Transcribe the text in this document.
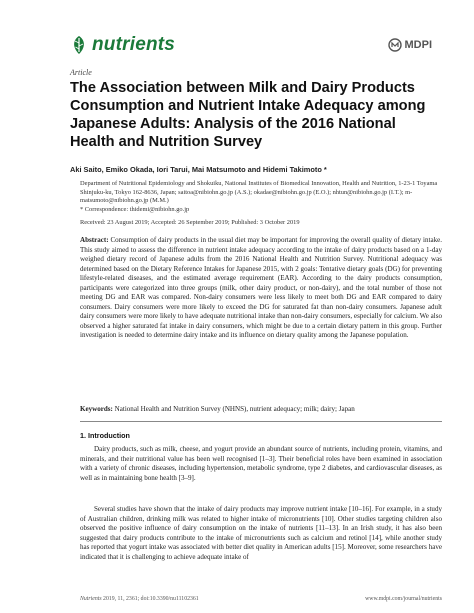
nutrients	MDPI
Article
The Association between Milk and Dairy Products Consumption and Nutrient Intake Adequacy among Japanese Adults: Analysis of the 2016 National Health and Nutrition Survey
Aki Saito, Emiko Okada, Iori Tarui, Mai Matsumoto and Hidemi Takimoto *
Department of Nutritional Epidemiology and Shokuiku, National Institutes of Biomedical Innovation, Health and Nutrition, 1-23-1 Toyama Shinjuku-ku, Tokyo 162-8636, Japan; saitoa@nibiohn.go.jp (A.S.); okadae@nibiohn.go.jp (E.O.); nhtun@nibiohn.go.jp (I.T.); m-matsumoto@nibiohn.go.jp (M.M.)
* Correspondence: thidemi@nibiohn.go.jp
Received: 23 August 2019; Accepted: 26 September 2019; Published: 3 October 2019
Abstract: Consumption of dairy products in the usual diet may be important for improving the overall quality of dietary intake. This study aimed to assess the difference in nutrient intake adequacy according to the intake of dairy products based on a 1-day weighed dietary record of Japanese adults from the 2016 National Health and Nutrition Survey. Nutritional adequacy was determined based on the Dietary Reference Intakes for Japanese 2015, with 2 goals: Tentative dietary goals (DG) for preventing lifestyle-related diseases, and the estimated average requirement (EAR). According to the dairy products consumption, participants were categorized into three groups (milk, other dairy product, or non-dairy), and the total number of those not meeting DG and EAR was compared. Non-dairy consumers were less likely to meet both DG and EAR compared to dairy consumers. Dairy consumers were more likely to exceed the DG for saturated fat than non-dairy consumers. Japanese adult dairy consumers were more likely to have adequate nutritional intake than non-dairy consumers, especially for calcium. We also observed a higher saturated fat intake in dairy consumers, which might be due to a certain dietary pattern in this group. Further investigation is needed to determine dairy intake and its influence on dietary quality among the Japanese population.
Keywords: National Health and Nutrition Survey (NHNS), nutrient adequacy; milk; dairy; Japan
1. Introduction
Dairy products, such as milk, cheese, and yogurt provide an abundant source of nutrients, including protein, vitamins, and minerals, and their nutritional value has been well recognised [1–3]. Their beneficial roles have been examined in association with a variety of chronic diseases, including hypertension, metabolic syndrome, type 2 diabetes, and cardiovascular diseases, as well as in maintaining bone health [3–9].
Several studies have shown that the intake of dairy products may improve nutrient intake [10–16]. For example, in a study of Australian children, drinking milk was related to higher intake of micronutrients [10]. Other studies targeting children also observed the positive influence of dairy consumption on the intake of nutrients [11–13]. In an Irish study, it has also been suggested that dairy products contribute to the intake of micronutrients such as calcium and retinol [14], while another study has reported that yogurt intake was associated with better diet quality in American adults [15]. Moreover, some researchers have indicated that it is challenging to achieve adequate intake of
Nutrients 2019, 11, 2361; doi:10.3390/nu11102361	www.mdpi.com/journal/nutrients
